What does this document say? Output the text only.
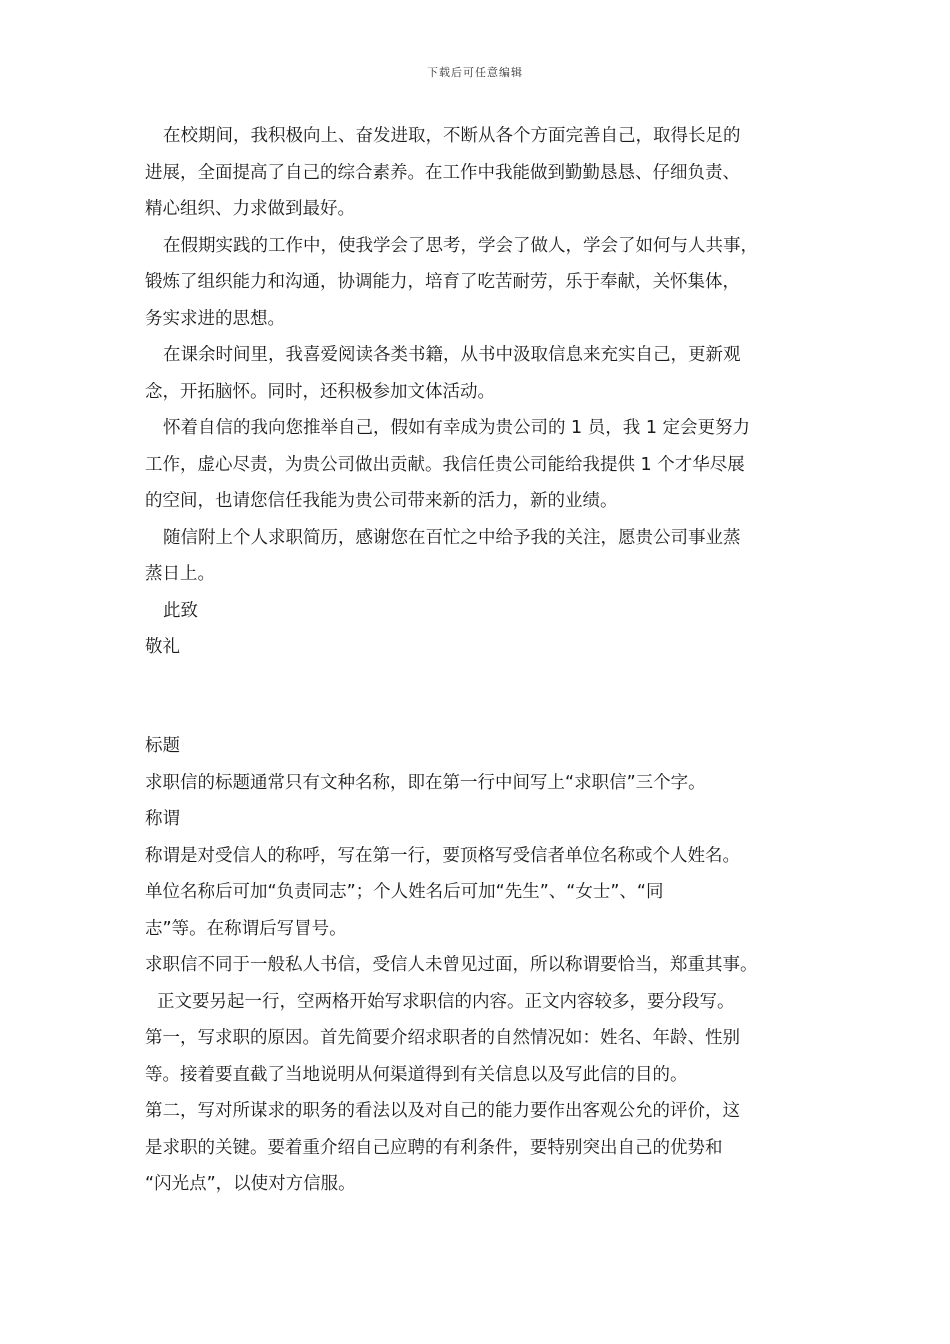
下载后可任意编辑
在校期间，我积极向上、奋发进取，不断从各个方面完善自己，取得长足的
进展，全面提高了自己的综合素养。在工作中我能做到勤勤恳恳、仔细负责、
精心组织、力求做到最好。
在假期实践的工作中，使我学会了思考，学会了做人，学会了如何与人共事，
锻炼了组织能力和沟通，协调能力，培育了吃苦耐劳，乐于奉献，关怀集体，
务实求进的思想。
在课余时间里，我喜爱阅读各类书籍，从书中汲取信息来充实自己，更新观
念，开拓脑怀。同时，还积极参加文体活动。
怀着自信的我向您推举自己，假如有幸成为贵公司的 1 员，我 1 定会更努力
工作，虚心尽责，为贵公司做出贡献。我信任贵公司能给我提供 1 个才华尽展
的空间，也请您信任我能为贵公司带来新的活力，新的业绩。
随信附上个人求职简历，感谢您在百忙之中给予我的关注，愿贵公司事业蒸
蒸日上。
此致
敬礼
标题
求职信的标题通常只有文种名称，即在第一行中间写上“求职信”三个字。
称谓
称谓是对受信人的称呼，写在第一行，要顶格写受信者单位名称或个人姓名。
单位名称后可加“负责同志”；个人姓名后可加“先生”、“女士”、“同
志”等。在称谓后写冒号。
求职信不同于一般私人书信，受信人未曾见过面，所以称谓要恰当，郑重其事。
正文要另起一行，空两格开始写求职信的内容。正文内容较多，要分段写。
第一，写求职的原因。首先简要介绍求职者的自然情况如：姓名、年龄、性别
等。接着要直截了当地说明从何渠道得到有关信息以及写此信的目的。
第二，写对所谋求的职务的看法以及对自己的能力要作出客观公允的评价，这
是求职的关键。要着重介绍自己应聘的有利条件，要特别突出自己的优势和
“闪光点”，以使对方信服。
